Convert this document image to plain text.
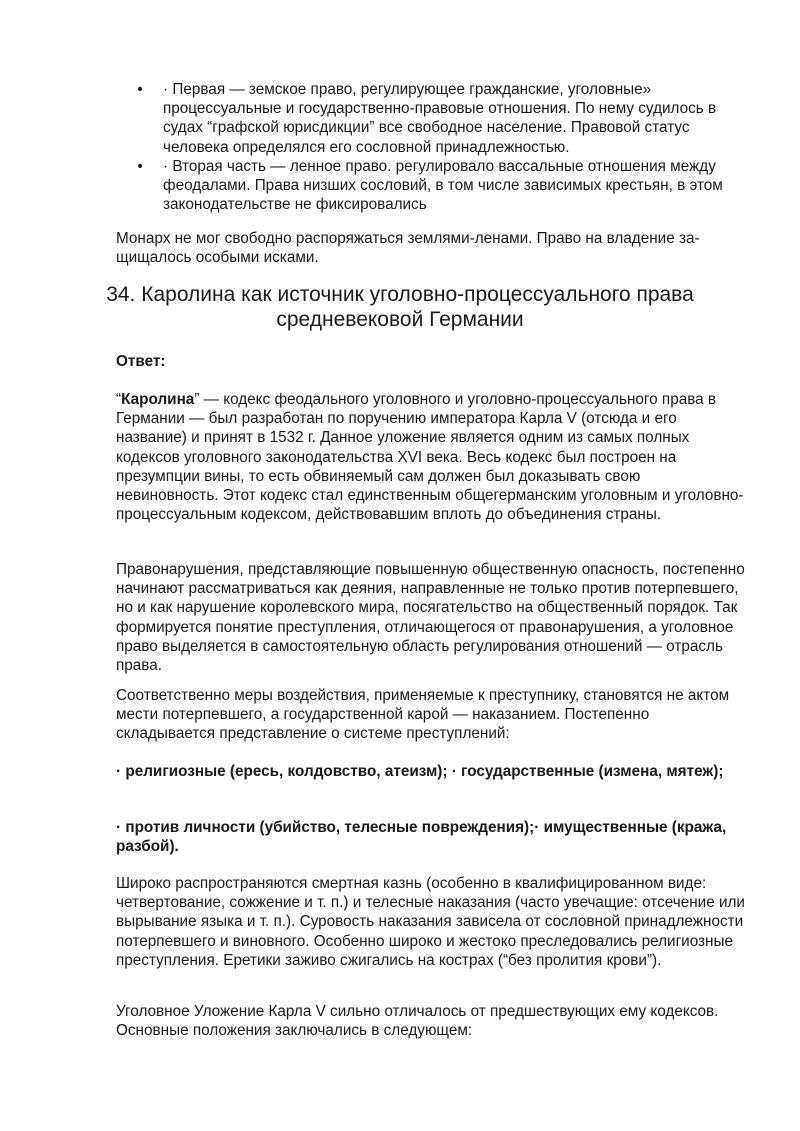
• · Первая — земское право, регулирующее гражданские, уголовные» процессуальные и государственно-правовые отношения. По нему судилось в судах “графской юрисдикции” все свободное население. Правовой статус человека определялся его сословной принадлежностью.
• · Вторая часть — ленное право. регулировало вассальные отношения между феодалами. Права низших сословий, в том числе зависимых крестьян, в этом законодательстве не фиксировались
Монарх не мог свободно распоряжаться землями-ленами. Право на владение за-щищалось особыми исками.
34. Каролина как источник уголовно-процессуального права средневековой Германии
Ответ:
“Каролина” — кодекс феодального уголовного и уголовно-процессуального права в Германии — был разработан по поручению императора Карла V (отсюда и его название) и принят в 1532 г. Данное уложение является одним из самых полных кодексов уголовного законодательства XVI века. Весь кодекс был построен на презумпции вины, то есть обвиняемый сам должен был доказывать свою невиновность. Этот кодекс стал единственным общегерманским уголовным и уголовно-процессуальным кодексом, действовавшим вплоть до объединения страны.
Правонарушения, представляющие повышенную общественную опасность, постепенно начинают рассматриваться как деяния, направленные не только против потерпевшего, но и как нарушение королевского мира, посягательство на общественный порядок. Так формируется понятие преступления, отличающегося от правонарушения, а уголовное право выделяется в самостоятельную область регулирования отношений — отрасль права.
Соответственно меры воздействия, применяемые к преступнику, становятся не актом мести потерпевшего, а государственной карой — наказанием. Постепенно складывается представление о системе преступлений:
· религиозные (ересь, колдовство, атеизм); · государственные (измена, мятеж);
· против личности (убийство, телесные повреждения);· имущественные (кража, разбой).
Широко распространяются смертная казнь (особенно в квалифицированном виде: четвертование, сожжение и т. п.) и телесные наказания (часто увечащие: отсечение или вырывание языка и т. п.). Суровость наказания зависела от сословной принадлежности потерпевшего и виновного. Особенно широко и жестоко преследовались религиозные преступления. Еретики заживо сжигались на кострах (“без пролития крови”).
Уголовное Уложение Карла V сильно отличалось от предшествующих ему кодексов. Основные положения заключались в следующем:
